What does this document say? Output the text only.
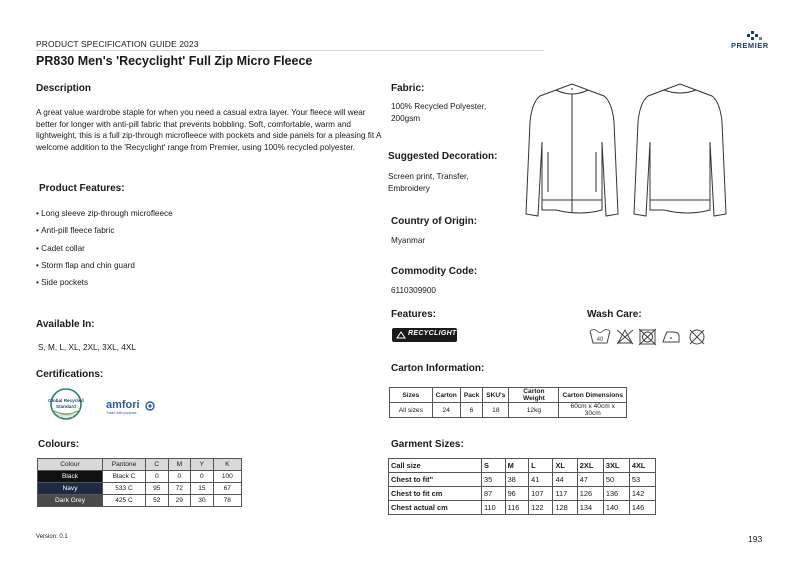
PRODUCT SPECIFICATION GUIDE 2023
PR830 Men's 'Recyclight' Full Zip Micro Fleece
PREMIER
Description
A great value wardrobe staple for when you need a casual extra layer. Your fleece will wear better for longer with anti-pill fabric that prevents bobbling. Soft, comfortable, warm and lightweight, this is a full zip-through microfleece with pockets and side panels for a pleasing fit A welcome addition to the 'Recyclight' range from Premier, using 100% recycled polyester.
Product Features:
• Long sleeve zip-through microfleece
• Anti-pill fleece fabric
• Cadet collar
• Storm flap and chin guard
• Side pockets
Available In:
S, M, L, XL, 2XL, 3XL, 4XL
Certifications:
Global Recycled
Standard	amfori
Trade with purpose
Colours:
Colour	Pantone	C	M	Y	K
Black	Black C	0	0	0	100
Navy	533 C	95	72	15	67
Dark Grey	425 C	52	29	30	78
Fabric:
100% Recycled Polyester, 200gsm
Suggested Decoration:
Screen print, Transfer, Embroidery
Country of Origin:
Myanmar
Commodity Code:
6110309900
Features:
RECYCLIGHT
Wash Care:
40
Carton Information:
Sizes	Carton	Pack	SKU's	Carton Weight	Carton Dimensions
All sizes	24	6	18	12kg	60cm x 40cm x 30cm
Garment Sizes:
Call size	S	M	L	XL	2XL	3XL	4XL
Chest to fit"	35	38	41	44	47	50	53
Chest to fit cm	87	96	107	117	126	136	142
Chest actual cm	110	116	122	128	134	140	146
Version: 0.1	193
